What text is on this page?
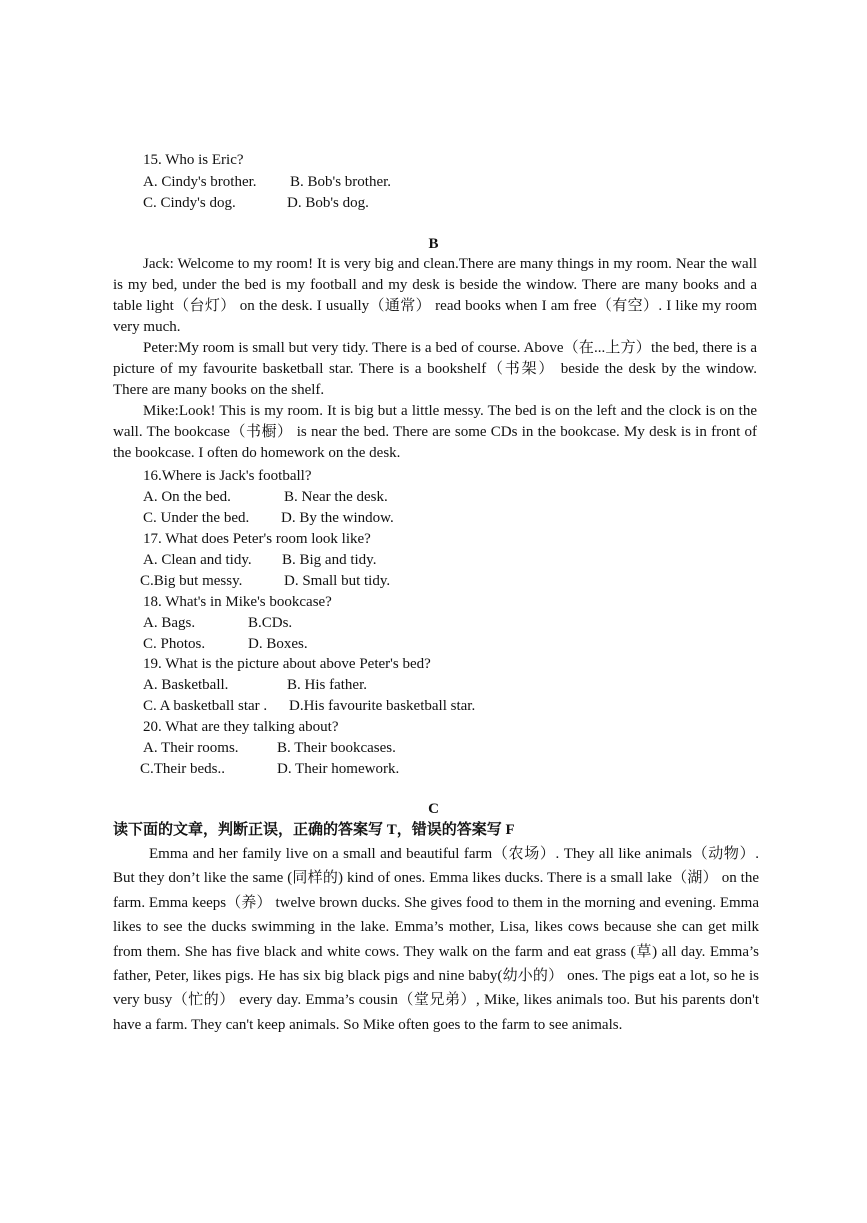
15. Who is Eric?
A. Cindy's brother. B. Bob's brother.
C. Cindy's dog.	D. Bob's dog.
B
Jack: Welcome to my room! It is very big and clean.There are many things in my room. Near the wall is my bed, under the bed is my football and my desk is beside the window. There are many books and a table light（台灯） on the desk. I usually（通常） read books when I am free（有空）. I like my room very much.
Peter:My room is small but very tidy. There is a bed of course. Above（在...上方）the bed, there is a picture of my favourite basketball star. There is a bookshelf（书架） beside the desk by the window. There are many books on the shelf.
Mike:Look! This is my room. It is big but a little messy. The bed is on the left and the clock is on the wall. The bookcase（书橱） is near the bed. There are some CDs in the bookcase. My desk is in front of the bookcase. I often do homework on the desk.
16.Where is Jack's football?
A. On the bed.	B. Near the desk.
C. Under the bed. D. By the window.
17. What does Peter's room look like?
A. Clean and tidy. B. Big and tidy.
C.Big but messy.	D. Small but tidy.
18. What's in Mike's bookcase?
A. Bags.	B.CDs.
C. Photos.	D. Boxes.
19. What is the picture about above Peter's bed?
A. Basketball.	B. His father.
C. A basketball star . D.His favourite basketball star.
20. What are they talking about?
A. Their rooms.	B. Their bookcases.
C.Their beds..	D. Their homework.
C
读下面的文章，判断正误，正确的答案写 T，错误的答案写 F
Emma and her family live on a small and beautiful farm（农场）. They all like animals（动物）. But they don’t like the same (同样的) kind of ones. Emma likes ducks. There is a small lake（湖） on the farm. Emma keeps（养） twelve brown ducks. She gives food to them in the morning and evening. Emma likes to see the ducks swimming in the lake. Emma’s mother, Lisa, likes cows because she can get milk from them. She has five black and white cows. They walk on the farm and eat grass (草) all day. Emma’s father, Peter, likes pigs. He has six big black pigs and nine baby(幼小的） ones. The pigs eat a lot, so he is very busy（忙的） every day. Emma’s cousin（堂兄弟）, Mike, likes animals too. But his parents don't have a farm. They can't keep animals. So Mike often goes to the farm to see animals.
